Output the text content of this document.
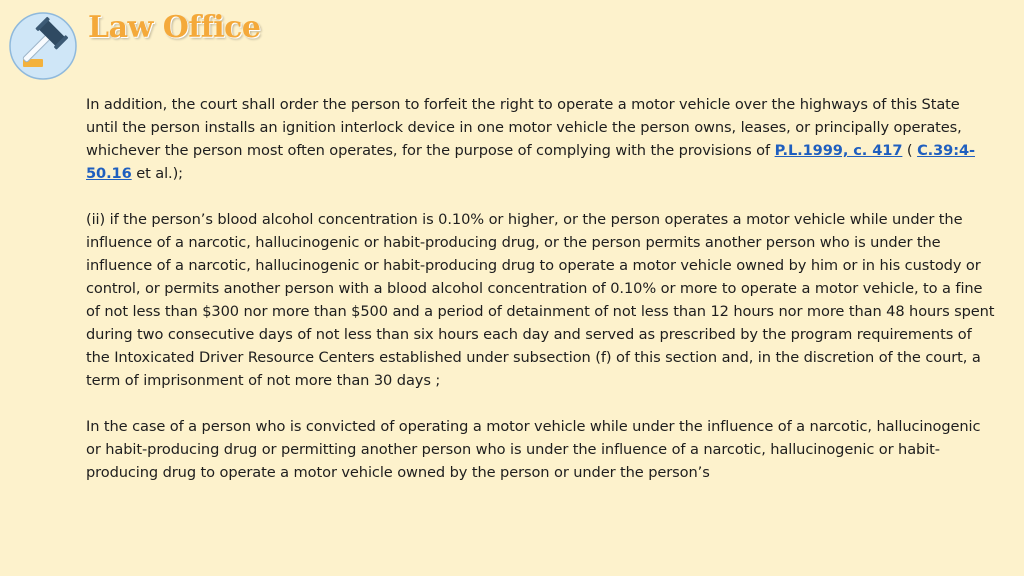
Law Office

In addition, the court shall order the person to forfeit the right to operate a motor vehicle over the highways of this State until the person installs an ignition interlock device in one motor vehicle the person owns, leases, or principally operates, whichever the person most often operates, for the purpose of complying with the provisions of P.L.1999, c. 417 ( C.39:4-50.16 et al.);

(ii) if the person’s blood alcohol concentration is 0.10% or higher, or the person operates a motor vehicle while under the influence of a narcotic, hallucinogenic or habit-producing drug, or the person permits another person who is under the influence of a narcotic, hallucinogenic or habit-producing drug to operate a motor vehicle owned by him or in his custody or control, or permits another person with a blood alcohol concentration of 0.10% or more to operate a motor vehicle, to a fine of not less than $300 nor more than $500 and a period of detainment of not less than 12 hours nor more than 48 hours spent during two consecutive days of not less than six hours each day and served as prescribed by the program requirements of the Intoxicated Driver Resource Centers established under subsection (f) of this section and, in the discretion of the court, a term of imprisonment of not more than 30 days ;

In the case of a person who is convicted of operating a motor vehicle while under the influence of a narcotic, hallucinogenic or habit-producing drug or permitting another person who is under the influence of a narcotic, hallucinogenic or habit-producing drug to operate a motor vehicle owned by the person or under the person’s
